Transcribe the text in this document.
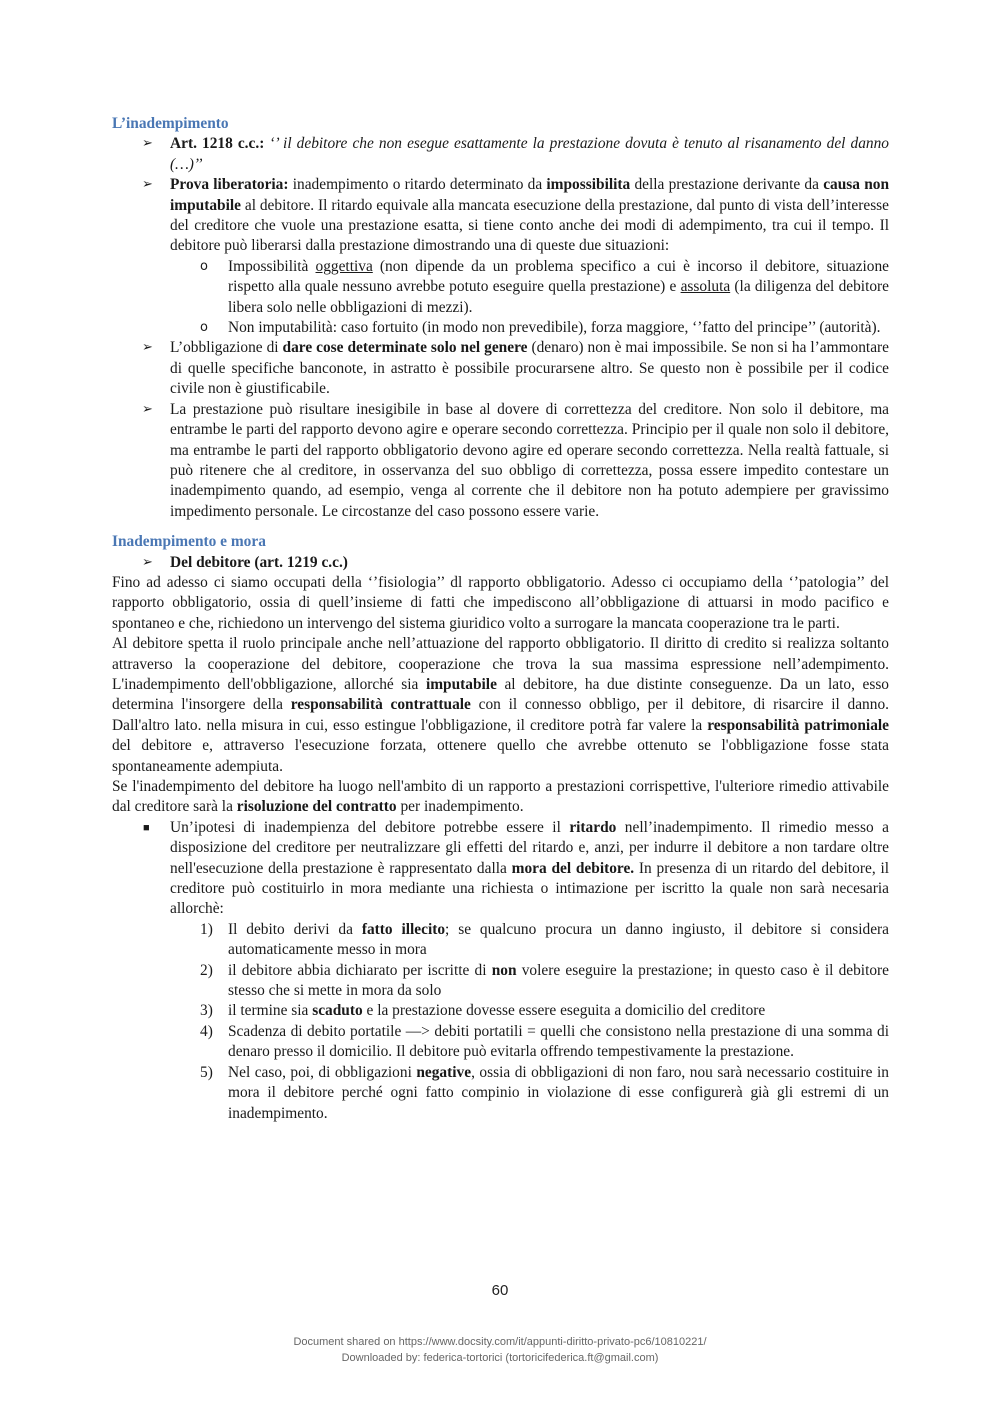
L’inadempimento

➢ Art. 1218 c.c.: ‘’ il debitore che non esegue esattamente la prestazione dovuta è tenuto al risanamento del danno (…)’’
➢ Prova liberatoria: inadempimento o ritardo determinato da impossibilita della prestazione derivante da causa non imputabile al debitore. Il ritardo equivale alla mancata esecuzione della prestazione, dal punto di vista dell’interesse del creditore che vuole una prestazione esatta, si tiene conto anche dei modi di adempimento, tra cui il tempo. Il debitore può liberarsi dalla prestazione dimostrando una di queste due situazioni:
o Impossibilità oggettiva (non dipende da un problema specifico a cui è incorso il debitore, situazione rispetto alla quale nessuno avrebbe potuto eseguire quella prestazione) e assoluta (la diligenza del debitore libera solo nelle obbligazioni di mezzi).
o Non imputabilità: caso fortuito (in modo non prevedibile), forza maggiore, ‘’fatto del principe’’ (autorità).
➢ L’obbligazione di dare cose determinate solo nel genere (denaro) non è mai impossibile. Se non si ha l’ammontare di quelle specifiche banconote, in astratto è possibile procurarsene altro. Se questo non è possibile per il codice civile non è giustificabile.
➢ La prestazione può risultare inesigibile in base al dovere di correttezza del creditore. Non solo il debitore, ma entrambe le parti del rapporto devono agire e operare secondo correttezza. Principio per il quale non solo il debitore, ma entrambe le parti del rapporto obbligatorio devono agire ed operare secondo correttezza. Nella realtà fattuale, si può ritenere che al creditore, in osservanza del suo obbligo di correttezza, possa essere impedito contestare un inadempimento quando, ad esempio, venga al corrente che il debitore non ha potuto adempiere per gravissimo impedimento personale. Le circostanze del caso possono essere varie.

Inadempimento e mora

➢ Del debitore (art. 1219 c.c.)

Fino ad adesso ci siamo occupati della ‘’fisiologia’’ dl rapporto obbligatorio. Adesso ci occupiamo della ‘’patologia’’ del rapporto obbligatorio, ossia di quell’insieme di fatti che impediscono all’obbligazione di attuarsi in modo pacifico e spontaneo e che, richiedono un intervengo del sistema giuridico volto a surrogare la mancata cooperazione tra le parti.

Al debitore spetta il ruolo principale anche nell’attuazione del rapporto obbligatorio. Il diritto di credito si realizza soltanto attraverso la cooperazione del debitore, cooperazione che trova la sua massima espressione nell’adempimento. L'inadempimento dell'obbligazione, allorché sia imputabile al debitore, ha due distinte conseguenze. Da un lato, esso determina l'insorgere della responsabilità contrattuale con il connesso obbligo, per il debitore, di risarcire il danno. Dall'altro lato. nella misura in cui, esso estingue l'obbligazione, il creditore potrà far valere la responsabilità patrimoniale del debitore e, attraverso l'esecuzione forzata, ottenere quello che avrebbe ottenuto se l'obbligazione fosse stata spontaneamente adempiuta.

Se l'inadempimento del debitore ha luogo nell'ambito di un rapporto a prestazioni corrispettive, l'ulteriore rimedio attivabile dal creditore sarà la risoluzione del contratto per inadempimento.

■ Un’ipotesi di inadempienza del debitore potrebbe essere il ritardo nell’inadempimento. Il rimedio messo a disposizione del creditore per neutralizzare gli effetti del ritardo e, anzi, per indurre il debitore a non tardare oltre nell'esecuzione della prestazione è rappresentato dalla mora del debitore. In presenza di un ritardo del debitore, il creditore può costituirlo in mora mediante una richiesta o intimazione per iscritto la quale non sarà necesaria allorchè:
1) Il debito derivi da fatto illecito; se qualcuno procura un danno ingiusto, il debitore si considera automaticamente messo in mora
2) il debitore abbia dichiarato per iscritte di non volere eseguire la prestazione; in questo caso è il debitore stesso che si mette in mora da solo
3) il termine sia scaduto e la prestazione dovesse essere eseguita a domicilio del creditore
4) Scadenza di debito portatile —> debiti portatili = quelli che consistono nella prestazione di una somma di denaro presso il domicilio. Il debitore può evitarla offrendo tempestivamente la prestazione.
5) Nel caso, poi, di obbligazioni negative, ossia di obbligazioni di non faro, nou sarà necessario costituire in mora il debitore perché ogni fatto compinio in violazione di esse configurerà già gli estremi di un inadempimento.
60
Document shared on https://www.docsity.com/it/appunti-diritto-privato-pc6/10810221/
Downloaded by: federica-tortorici (tortoricifederica.ft@gmail.com)
